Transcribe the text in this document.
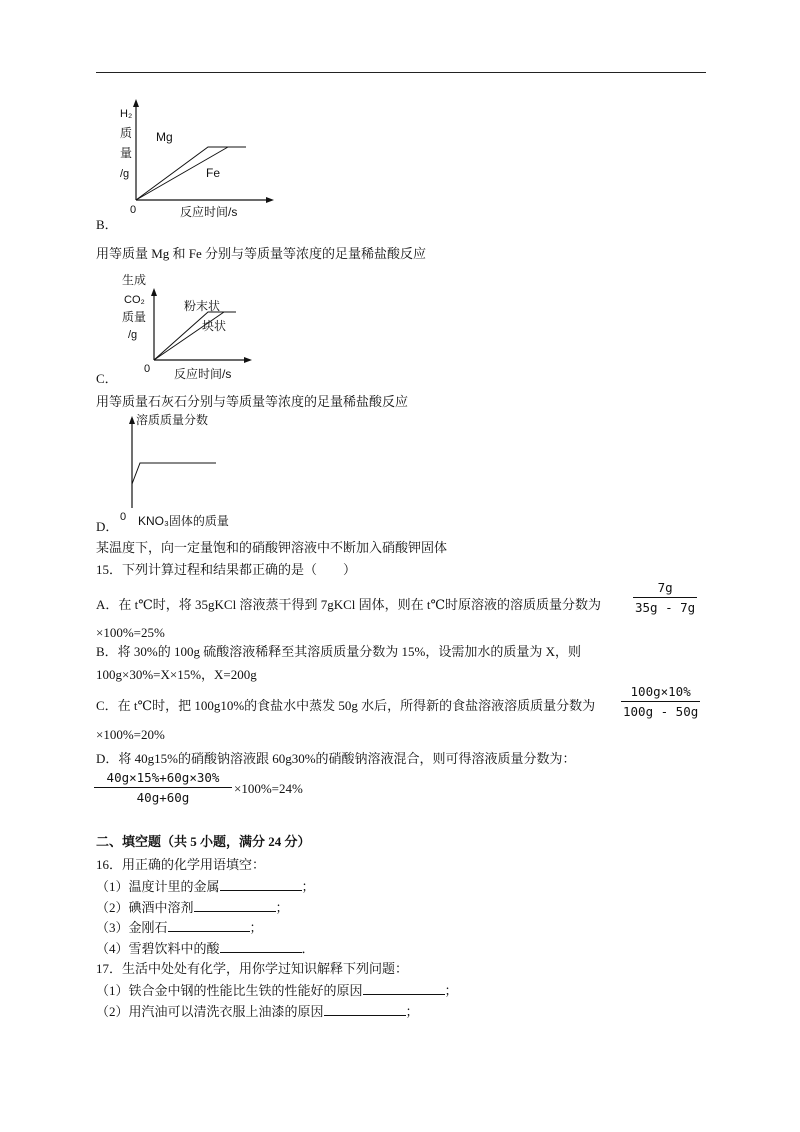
H₂
质
量
/g
Mg
Fe
0	反应时间/s
B．
用等质量 Mg 和 Fe 分别与等质量等浓度的足量稀盐酸反应
生成
CO₂
质量
/g
粉末状
块状
0 反应时间/s
C．
用等质量石灰石分别与等质量等浓度的足量稀盐酸反应
溶质质量分数
0 KNO₃固体的质量
D．
某温度下，向一定量饱和的硝酸钾溶液中不断加入硝酸钾固体
15．下列计算过程和结果都正确的是（　　）
A．在 t℃时，将 35gKCl 溶液蒸干得到 7gKCl 固体，则在 t℃时原溶液的溶质质量分数为	$\frac{7g}{35g - 7g}$
×100%=25%
B．将 30%的 100g 硫酸溶液稀释至其溶质质量分数为 15%，设需加水的质量为 X，则
100g×30%=X×15%，X=200g
C．在 t℃时，把 100g10%的食盐水中蒸发 50g 水后，所得新的食盐溶液溶质质量分数为 $\frac{100g\times 10\%}{100g - 50g}$
×100%=20%
D．将 40g15%的硝酸钠溶液跟 60g30%的硝酸钠溶液混合，则可得溶液质量分数为：
$\frac{40g\times 15\%+60g\times 30\%}{40g+60g} \times 100\%=24\%$
二、填空题（共 5 小题，满分 24 分）
16．用正确的化学用语填空：
（1）温度计里的金属	；
（2）碘酒中溶剂	；
（3）金刚石	；
（4）雪碧饮料中的酸	．
17．生活中处处有化学，用你学过知识解释下列问题：
（1）铁合金中钢的性能比生铁的性能好的原因	；
（2）用汽油可以清洗衣服上油漆的原因	；
